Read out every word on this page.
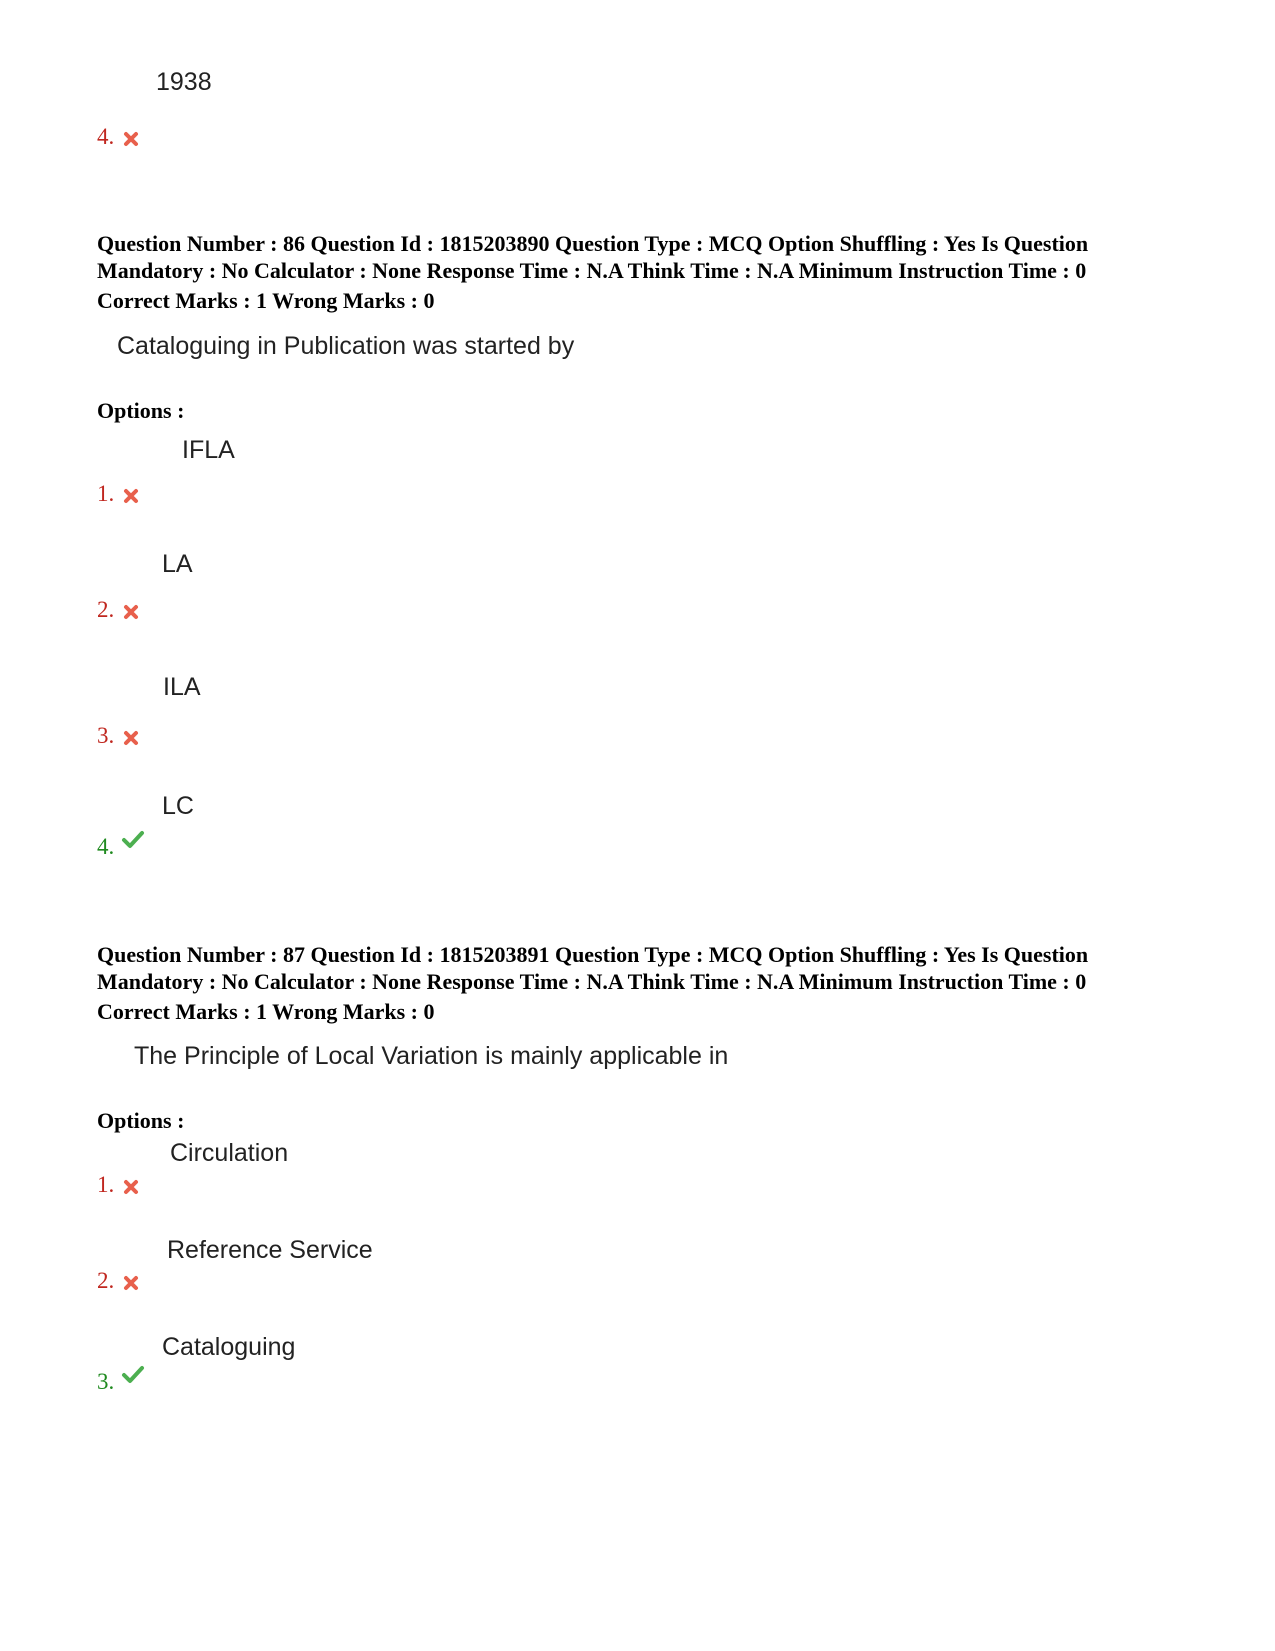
1938
4.
Question Number : 86 Question Id : 1815203890 Question Type : MCQ Option Shuffling : Yes Is Question
Mandatory : No Calculator : None Response Time : N.A Think Time : N.A Minimum Instruction Time : 0
Correct Marks : 1 Wrong Marks : 0
Cataloguing in Publication was started by
Options :
IFLA
1.
LA
2.
ILA
3.
LC
4.
Question Number : 87 Question Id : 1815203891 Question Type : MCQ Option Shuffling : Yes Is Question
Mandatory : No Calculator : None Response Time : N.A Think Time : N.A Minimum Instruction Time : 0
Correct Marks : 1 Wrong Marks : 0
The Principle of Local Variation is mainly applicable in
Options :
Circulation
1.
Reference Service
2.
Cataloguing
3.
